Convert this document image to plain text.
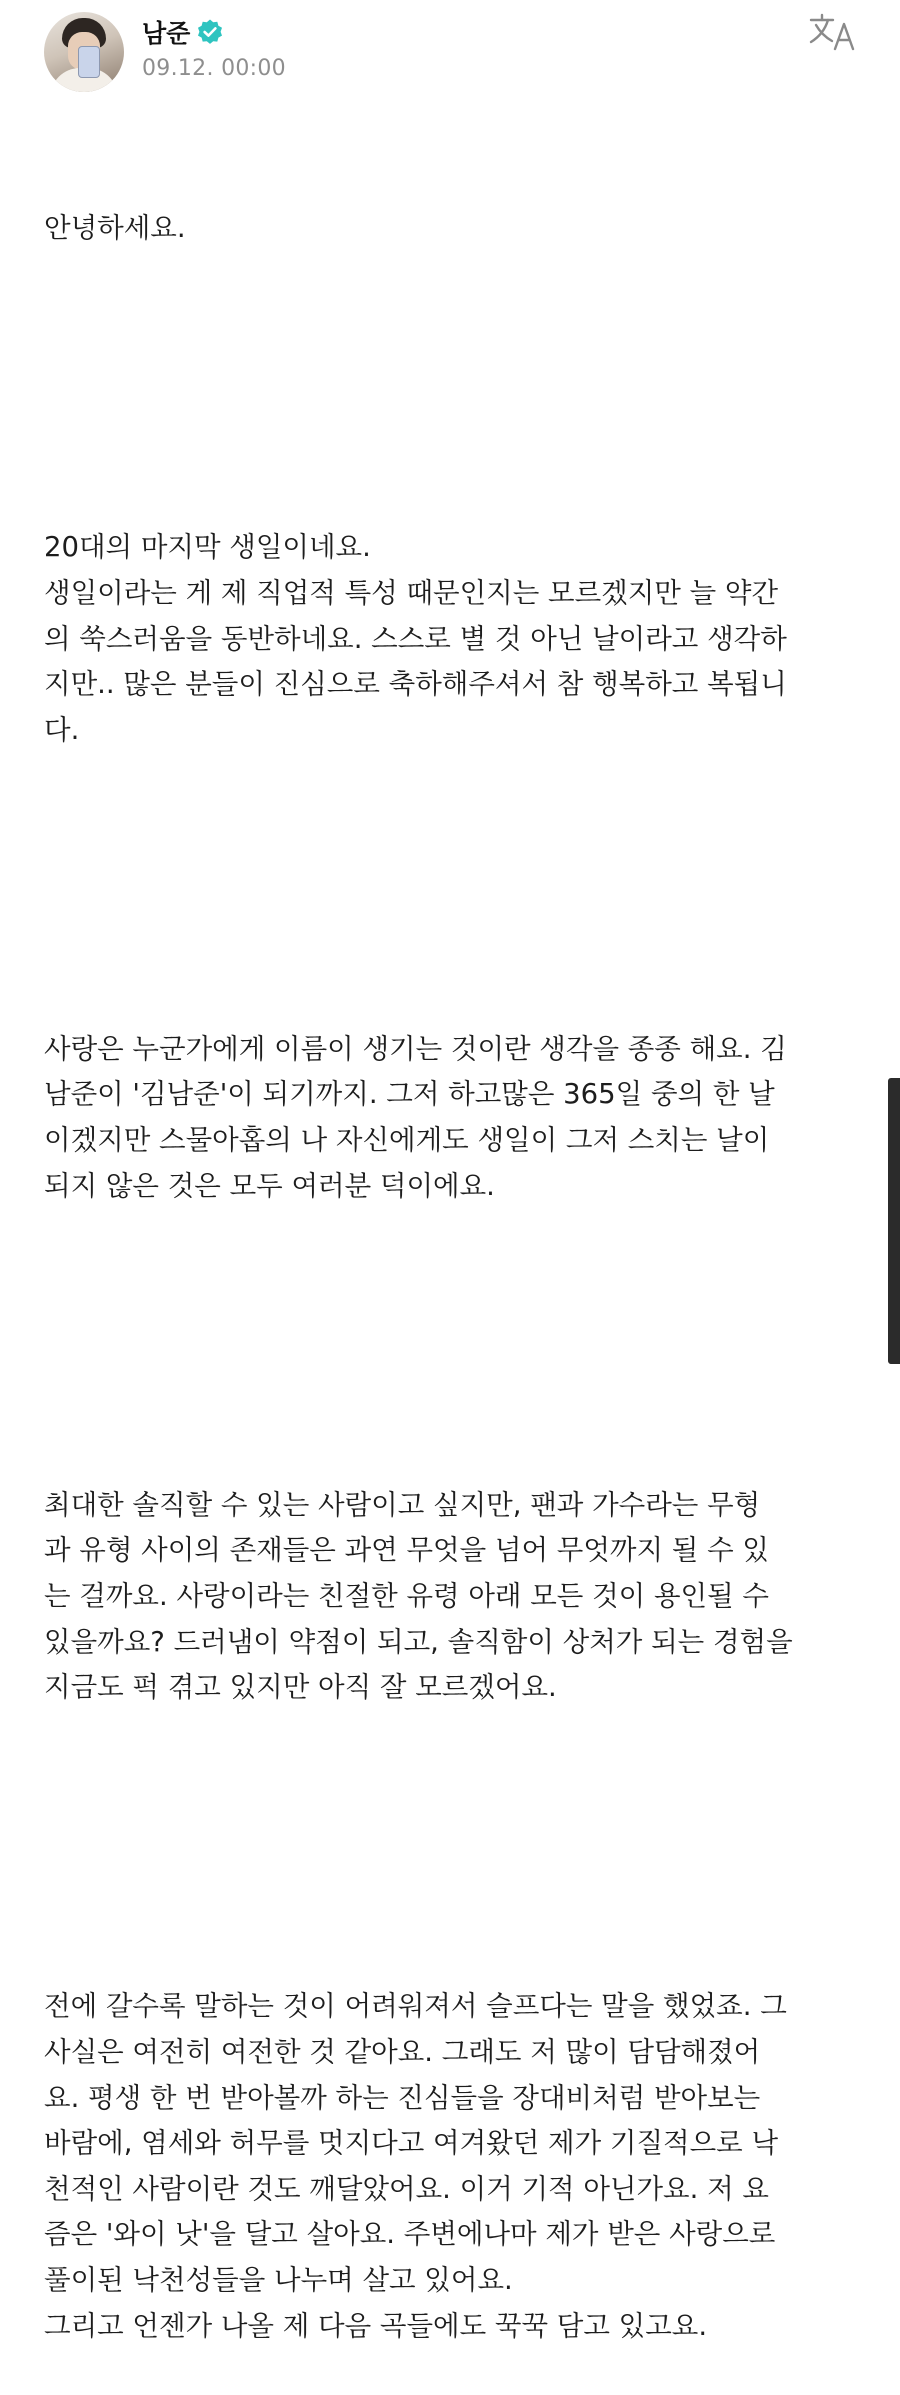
남준
09.12. 00:00

안녕하세요.

20대의 마지막 생일이네요.
생일이라는 게 제 직업적 특성 때문인지는 모르겠지만 늘 약간
의 쑥스러움을 동반하네요. 스스로 별 것 아닌 날이라고 생각하
지만.. 많은 분들이 진심으로 축하해주셔서 참 행복하고 복됩니
다.

사랑은 누군가에게 이름이 생기는 것이란 생각을 종종 해요. 김
남준이 '김남준'이 되기까지. 그저 하고많은 365일 중의 한 날
이겠지만 스물아홉의 나 자신에게도 생일이 그저 스치는 날이
되지 않은 것은 모두 여러분 덕이에요.

최대한 솔직할 수 있는 사람이고 싶지만, 팬과 가수라는 무형
과 유형 사이의 존재들은 과연 무엇을 넘어 무엇까지 될 수 있
는 걸까요. 사랑이라는 친절한 유령 아래 모든 것이 용인될 수
있을까요? 드러냄이 약점이 되고, 솔직함이 상처가 되는 경험을
지금도 퍽 겪고 있지만 아직 잘 모르겠어요.

전에 갈수록 말하는 것이 어려워져서 슬프다는 말을 했었죠. 그
사실은 여전히 여전한 것 같아요. 그래도 저 많이 담담해졌어
요. 평생 한 번 받아볼까 하는 진심들을 장대비처럼 받아보는
바람에, 염세와 허무를 멋지다고 여겨왔던 제가 기질적으로 낙
천적인 사람이란 것도 깨달았어요. 이거 기적 아닌가요. 저 요
즘은 '와이 낫'을 달고 살아요. 주변에나마 제가 받은 사랑으로
풀이된 낙천성들을 나누며 살고 있어요.
그리고 언젠가 나올 제 다음 곡들에도 꾹꾹 담고 있고요.
